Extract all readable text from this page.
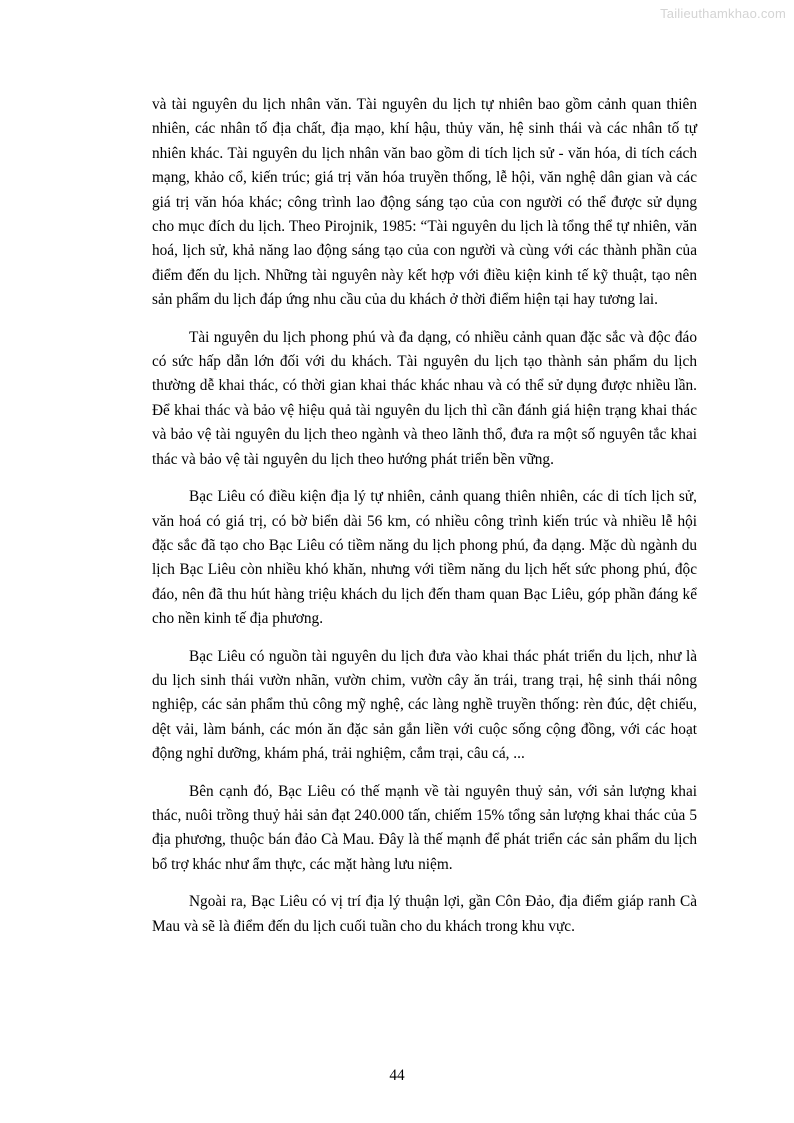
Tailieuthamkhao.com

và tài nguyên du lịch nhân văn. Tài nguyên du lịch tự nhiên bao gồm cảnh quan thiên nhiên, các nhân tố địa chất, địa mạo, khí hậu, thủy văn, hệ sinh thái và các nhân tố tự nhiên khác. Tài nguyên du lịch nhân văn bao gồm di tích lịch sử - văn hóa, di tích cách mạng, khảo cổ, kiến trúc; giá trị văn hóa truyền thống, lễ hội, văn nghệ dân gian và các giá trị văn hóa khác; công trình lao động sáng tạo của con người có thể được sử dụng cho mục đích du lịch. Theo Pirojnik, 1985: “Tài nguyên du lịch là tổng thể tự nhiên, văn hoá, lịch sử, khả năng lao động sáng tạo của con người và cùng với các thành phần của điểm đến du lịch. Những tài nguyên này kết hợp với điều kiện kinh tế kỹ thuật, tạo nên sản phẩm du lịch đáp ứng nhu cầu của du khách ở thời điểm hiện tại hay tương lai.

Tài nguyên du lịch phong phú và đa dạng, có nhiều cảnh quan đặc sắc và độc đáo có sức hấp dẫn lớn đối với du khách. Tài nguyên du lịch tạo thành sản phẩm du lịch thường dễ khai thác, có thời gian khai thác khác nhau và có thể sử dụng được nhiều lần. Để khai thác và bảo vệ hiệu quả tài nguyên du lịch thì cần đánh giá hiện trạng khai thác và bảo vệ tài nguyên du lịch theo ngành và theo lãnh thổ, đưa ra một số nguyên tắc khai thác và bảo vệ tài nguyên du lịch theo hướng phát triển bền vững.

Bạc Liêu có điều kiện địa lý tự nhiên, cảnh quang thiên nhiên, các di tích lịch sử, văn hoá có giá trị, có bờ biển dài 56 km, có nhiều công trình kiến trúc và nhiều lễ hội đặc sắc đã tạo cho Bạc Liêu có tiềm năng du lịch phong phú, đa dạng. Mặc dù ngành du lịch Bạc Liêu còn nhiều khó khăn, nhưng với tiềm năng du lịch hết sức phong phú, độc đáo, nên đã thu hút hàng triệu khách du lịch đến tham quan Bạc Liêu, góp phần đáng kể cho nền kinh tế địa phương.

Bạc Liêu có nguồn tài nguyên du lịch đưa vào khai thác phát triển du lịch, như là du lịch sinh thái vườn nhãn, vườn chim, vườn cây ăn trái, trang trại, hệ sinh thái nông nghiệp, các sản phẩm thủ công mỹ nghệ, các làng nghề truyền thống: rèn đúc, dệt chiếu, dệt vải, làm bánh, các món ăn đặc sản gắn liền với cuộc sống cộng đồng, với các hoạt động nghỉ dưỡng, khám phá, trải nghiệm, cắm trại, câu cá, ...

Bên cạnh đó, Bạc Liêu có thế mạnh về tài nguyên thuỷ sản, với sản lượng khai thác, nuôi trồng thuỷ hải sản đạt 240.000 tấn, chiếm 15% tổng sản lượng khai thác của 5 địa phương, thuộc bán đảo Cà Mau. Đây là thế mạnh để phát triển các sản phẩm du lịch bổ trợ khác như ẩm thực, các mặt hàng lưu niệm.

Ngoài ra, Bạc Liêu có vị trí địa lý thuận lợi, gần Côn Đảo, địa điểm giáp ranh Cà Mau và sẽ là điểm đến du lịch cuối tuần cho du khách trong khu vực.

44
